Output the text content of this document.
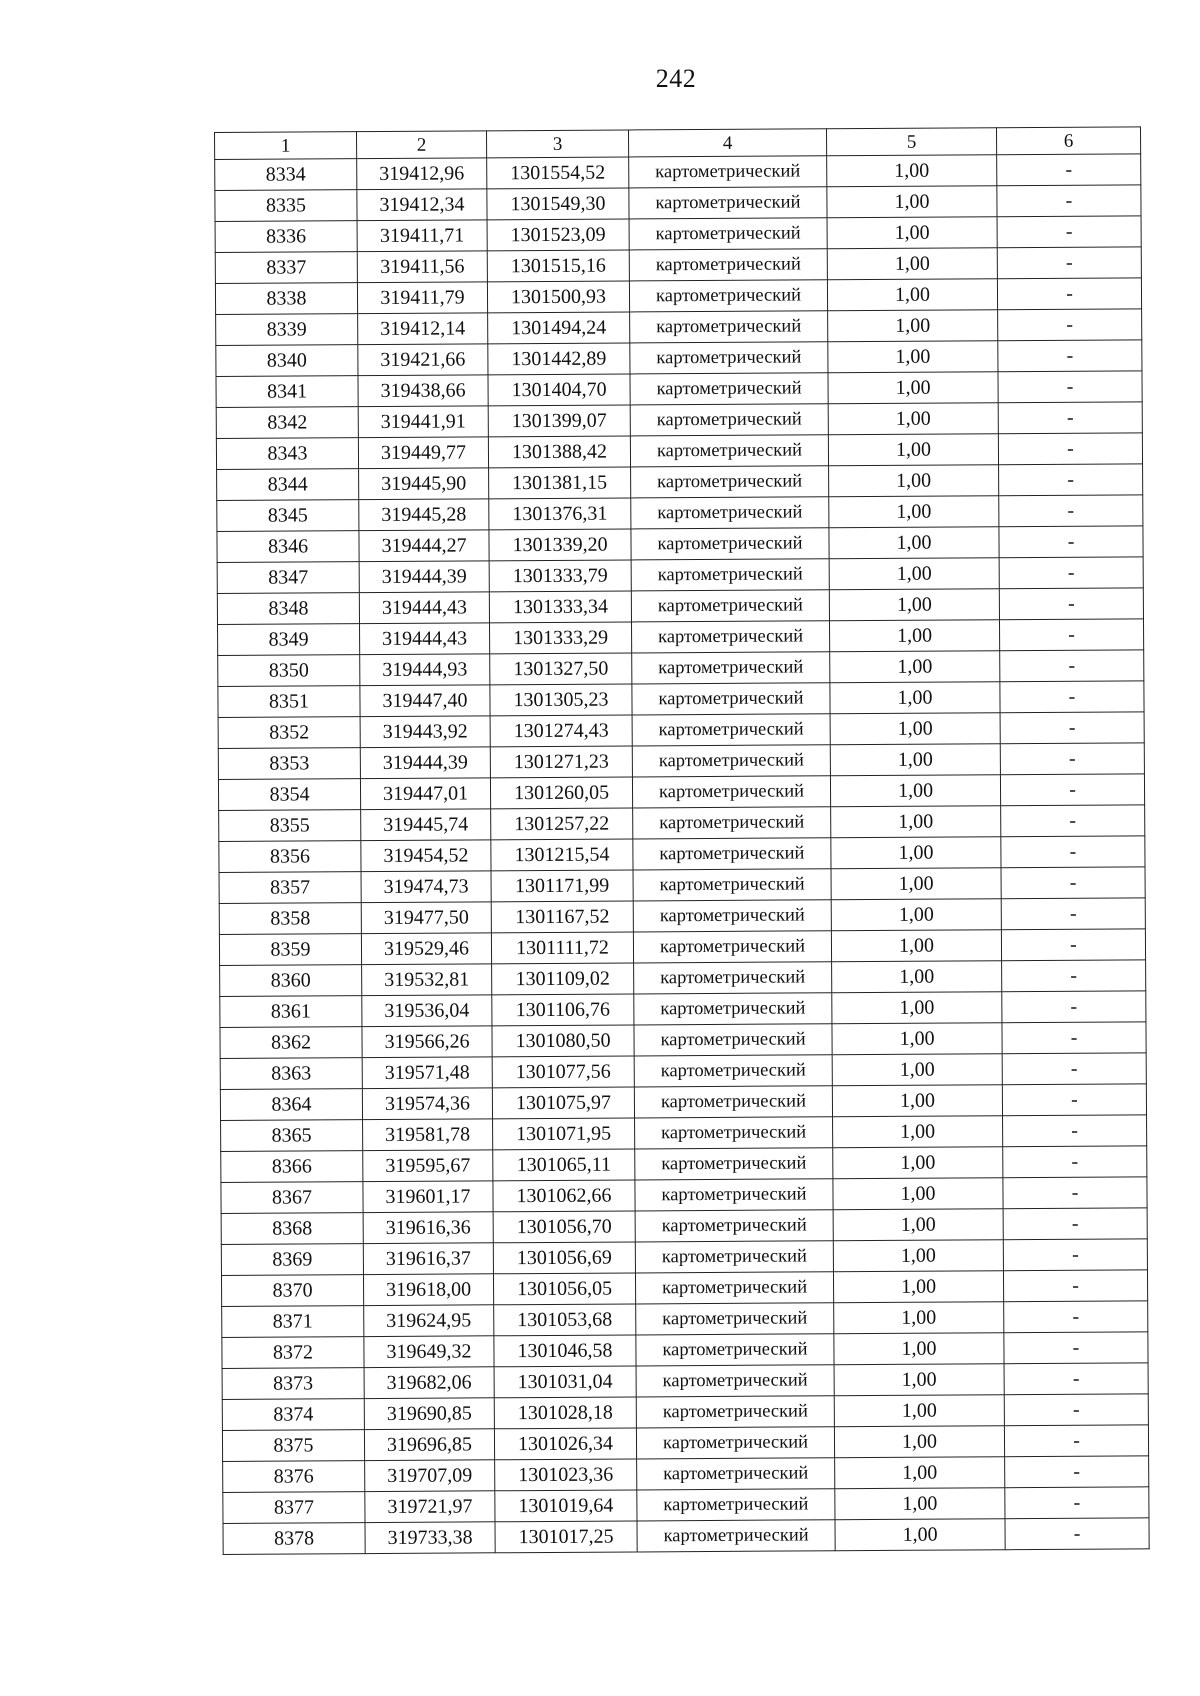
242
1	2	3	4	5	6
8334	319412,96	1301554,52	картометрический	1,00	-
8335	319412,34	1301549,30	картометрический	1,00	-
8336	319411,71	1301523,09	картометрический	1,00	-
8337	319411,56	1301515,16	картометрический	1,00	-
8338	319411,79	1301500,93	картометрический	1,00	-
8339	319412,14	1301494,24	картометрический	1,00	-
8340	319421,66	1301442,89	картометрический	1,00	-
8341	319438,66	1301404,70	картометрический	1,00	-
8342	319441,91	1301399,07	картометрический	1,00	-
8343	319449,77	1301388,42	картометрический	1,00	-
8344	319445,90	1301381,15	картометрический	1,00	-
8345	319445,28	1301376,31	картометрический	1,00	-
8346	319444,27	1301339,20	картометрический	1,00	-
8347	319444,39	1301333,79	картометрический	1,00	-
8348	319444,43	1301333,34	картометрический	1,00	-
8349	319444,43	1301333,29	картометрический	1,00	-
8350	319444,93	1301327,50	картометрический	1,00	-
8351	319447,40	1301305,23	картометрический	1,00	-
8352	319443,92	1301274,43	картометрический	1,00	-
8353	319444,39	1301271,23	картометрический	1,00	-
8354	319447,01	1301260,05	картометрический	1,00	-
8355	319445,74	1301257,22	картометрический	1,00	-
8356	319454,52	1301215,54	картометрический	1,00	-
8357	319474,73	1301171,99	картометрический	1,00	-
8358	319477,50	1301167,52	картометрический	1,00	-
8359	319529,46	1301111,72	картометрический	1,00	-
8360	319532,81	1301109,02	картометрический	1,00	-
8361	319536,04	1301106,76	картометрический	1,00	-
8362	319566,26	1301080,50	картометрический	1,00	-
8363	319571,48	1301077,56	картометрический	1,00	-
8364	319574,36	1301075,97	картометрический	1,00	-
8365	319581,78	1301071,95	картометрический	1,00	-
8366	319595,67	1301065,11	картометрический	1,00	-
8367	319601,17	1301062,66	картометрический	1,00	-
8368	319616,36	1301056,70	картометрический	1,00	-
8369	319616,37	1301056,69	картометрический	1,00	-
8370	319618,00	1301056,05	картометрический	1,00	-
8371	319624,95	1301053,68	картометрический	1,00	-
8372	319649,32	1301046,58	картометрический	1,00	-
8373	319682,06	1301031,04	картометрический	1,00	-
8374	319690,85	1301028,18	картометрический	1,00	-
8375	319696,85	1301026,34	картометрический	1,00	-
8376	319707,09	1301023,36	картометрический	1,00	-
8377	319721,97	1301019,64	картометрический	1,00	-
8378	319733,38	1301017,25	картометрический	1,00	-
